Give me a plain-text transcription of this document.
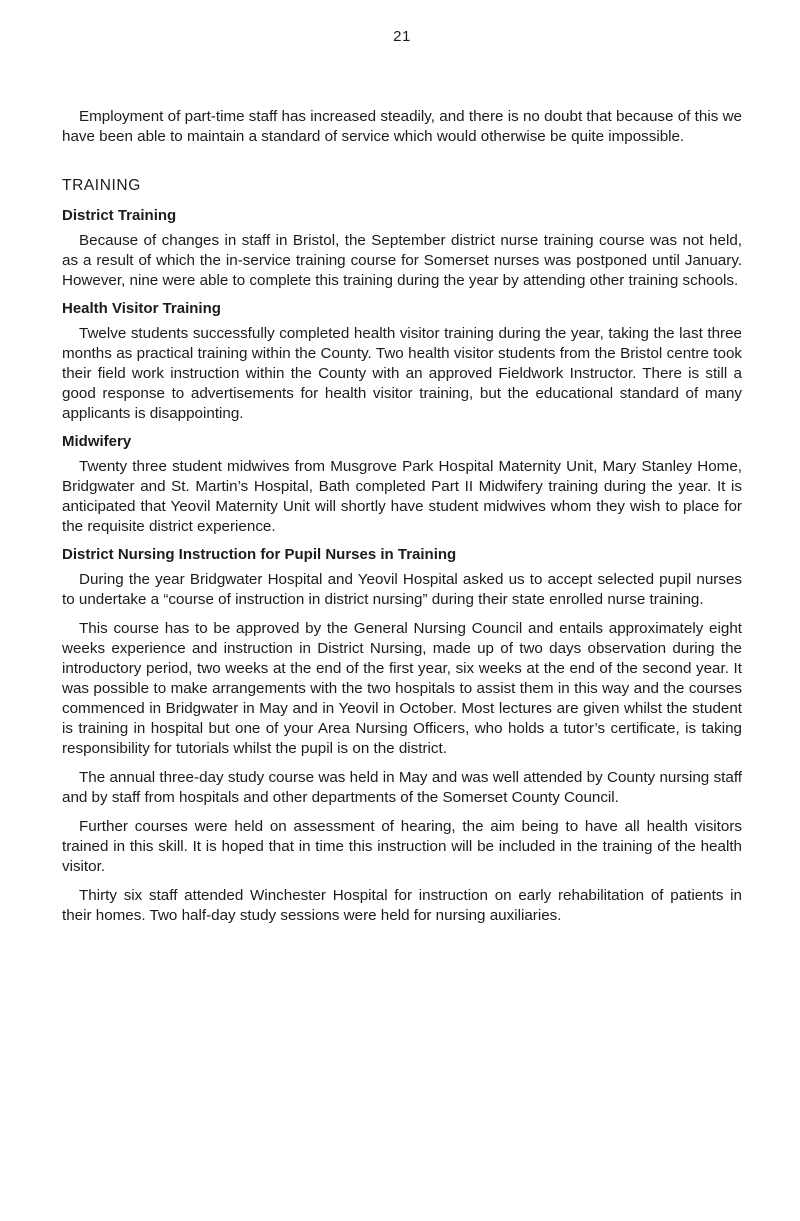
21

Employment of part-time staff has increased steadily, and there is no doubt that because of this we have been able to maintain a standard of service which would otherwise be quite impossible.

TRAINING
District Training

Because of changes in staff in Bristol, the September district nurse training course was not held, as a result of which the in-service training course for Somerset nurses was postponed until January. However, nine were able to complete this training during the year by attending other training schools.

Health Visitor Training

Twelve students successfully completed health visitor training during the year, taking the last three months as practical training within the County. Two health visitor students from the Bristol centre took their field work instruction within the County with an approved Fieldwork Instructor. There is still a good response to advertisements for health visitor training, but the educational standard of many applicants is disappointing.

Midwifery

Twenty three student midwives from Musgrove Park Hospital Maternity Unit, Mary Stanley Home, Bridgwater and St. Martin’s Hospital, Bath completed Part II Midwifery training during the year. It is anticipated that Yeovil Maternity Unit will shortly have student midwives whom they wish to place for the requisite district experience.

District Nursing Instruction for Pupil Nurses in Training

During the year Bridgwater Hospital and Yeovil Hospital asked us to accept selected pupil nurses to undertake a “course of instruction in district nursing” during their state enrolled nurse training.

This course has to be approved by the General Nursing Council and entails approximately eight weeks experience and instruction in District Nursing, made up of two days observation during the introductory period, two weeks at the end of the first year, six weeks at the end of the second year. It was possible to make arrangements with the two hospitals to assist them in this way and the courses commenced in Bridgwater in May and in Yeovil in October. Most lectures are given whilst the student is training in hospital but one of your Area Nursing Officers, who holds a tutor’s certificate, is taking responsibility for tutorials whilst the pupil is on the district.

The annual three-day study course was held in May and was well attended by County nursing staff and by staff from hospitals and other departments of the Somerset County Council.

Further courses were held on assessment of hearing, the aim being to have all health visitors trained in this skill. It is hoped that in time this instruction will be included in the training of the health visitor.

Thirty six staff attended Winchester Hospital for instruction on early rehabilitation of patients in their homes. Two half-day study sessions were held for nursing auxiliaries.
